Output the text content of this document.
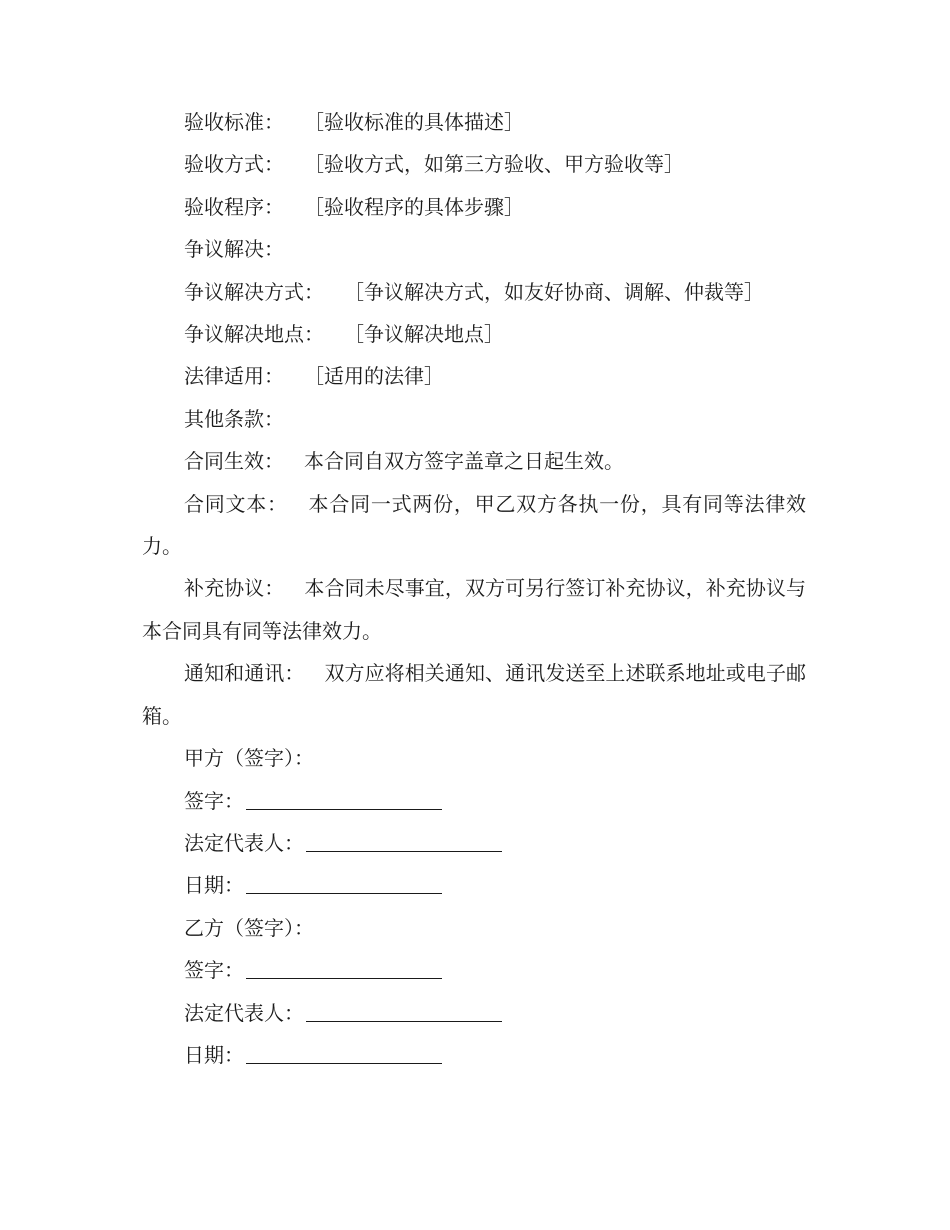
验收标准： ［验收标准的具体描述］

验收方式： ［验收方式，如第三方验收、甲方验收等］

验收程序： ［验收程序的具体步骤］

争议解决：

争议解决方式： ［争议解决方式，如友好协商、调解、仲裁等］

争议解决地点： ［争议解决地点］

法律适用： ［适用的法律］

其他条款：

合同生效： 本合同自双方签字盖章之日起生效。

合同文本： 本合同一式两份，甲乙双方各执一份，具有同等法律效力。

补充协议： 本合同未尽事宜，双方可另行签订补充协议，补充协议与本合同具有同等法律效力。

通知和通讯： 双方应将相关通知、通讯发送至上述联系地址或电子邮箱。

甲方（签字）：

签字：

法定代表人：

日期：

乙方（签字）：

签字：

法定代表人：

日期：
